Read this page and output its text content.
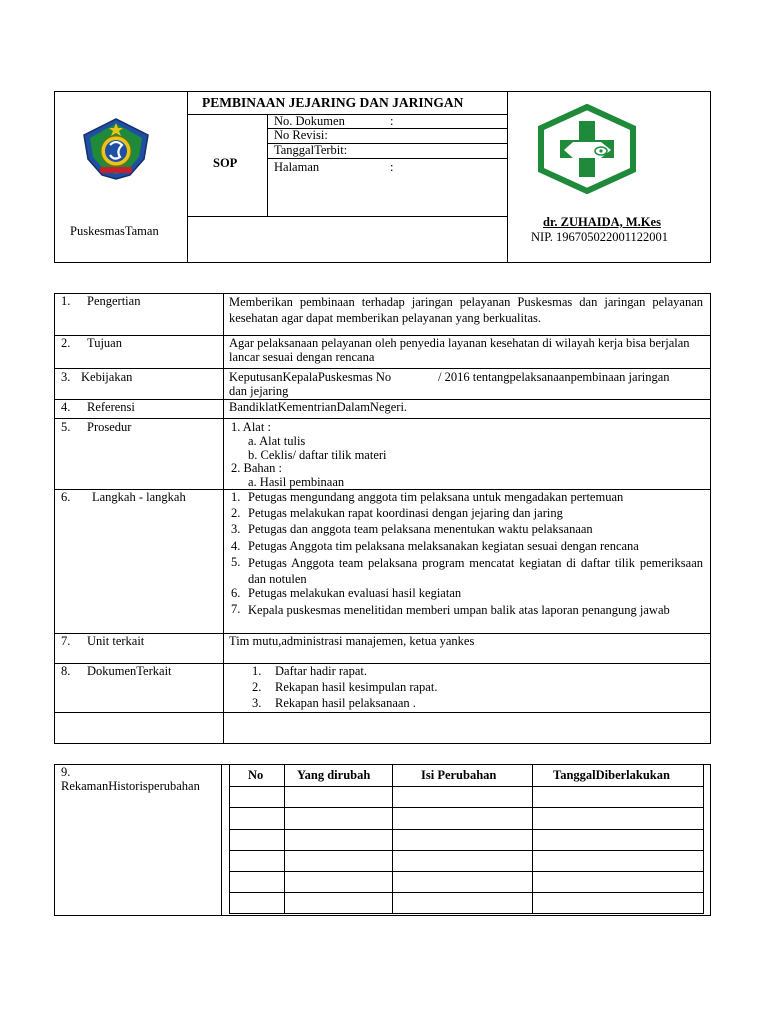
PEMBINAAN JEJARING DAN JARINGAN
SOP
No. Dokumen	:
No Revisi:
TanggalTerbit:
Halaman	:
PuskesmasTaman
dr. ZUHAIDA, M.Kes
NIP. 196705022001122001
1. Pengertian	Memberikan pembinaan terhadap jaringan pelayanan Puskesmas dan jaringan pelayanan kesehatan agar dapat memberikan pelayanan yang berkualitas.
2. Tujuan	Agar pelaksanaan pelayanan oleh penyedia layanan kesehatan di wilayah kerja bisa berjalan lancar sesuai dengan rencana
3. Kebijakan	KeputusanKepalaPuskesmas No	/ 2016 tentangpelaksanaanpembinaan jaringan
dan jejaring
4. Referensi	BandiklatKementrianDalamNegeri.
5. Prosedur	1. Alat :
a. Alat tulis
b. Ceklis/ daftar tilik materi
2. Bahan :
a. Hasil pembinaan
6. Langkah - langkah	1. Petugas mengundang anggota tim pelaksana untuk mengadakan pertemuan
2. Petugas melakukan rapat koordinasi dengan jejaring dan jaring
3. Petugas dan anggota team pelaksana menentukan waktu pelaksanaan
4. Petugas Anggota tim pelaksana melaksanakan kegiatan sesuai dengan rencana
5. Petugas Anggota team pelaksana program mencatat kegiatan di daftar tilik pemeriksaan dan notulen
6. Petugas melakukan evaluasi hasil kegiatan
7. Kepala puskesmas menelitidan memberi umpan balik atas laporan penangung jawab
7. Unit terkait	Tim mutu,administrasi manajemen, ketua yankes
8. DokumenTerkait	1. Daftar hadir rapat.
2. Rekapan hasil kesimpulan rapat.
3. Rekapan hasil pelaksanaan .
9.
RekamanHistorisperubahan
No	Yang dirubah	Isi Perubahan	TanggalDiberlakukan
